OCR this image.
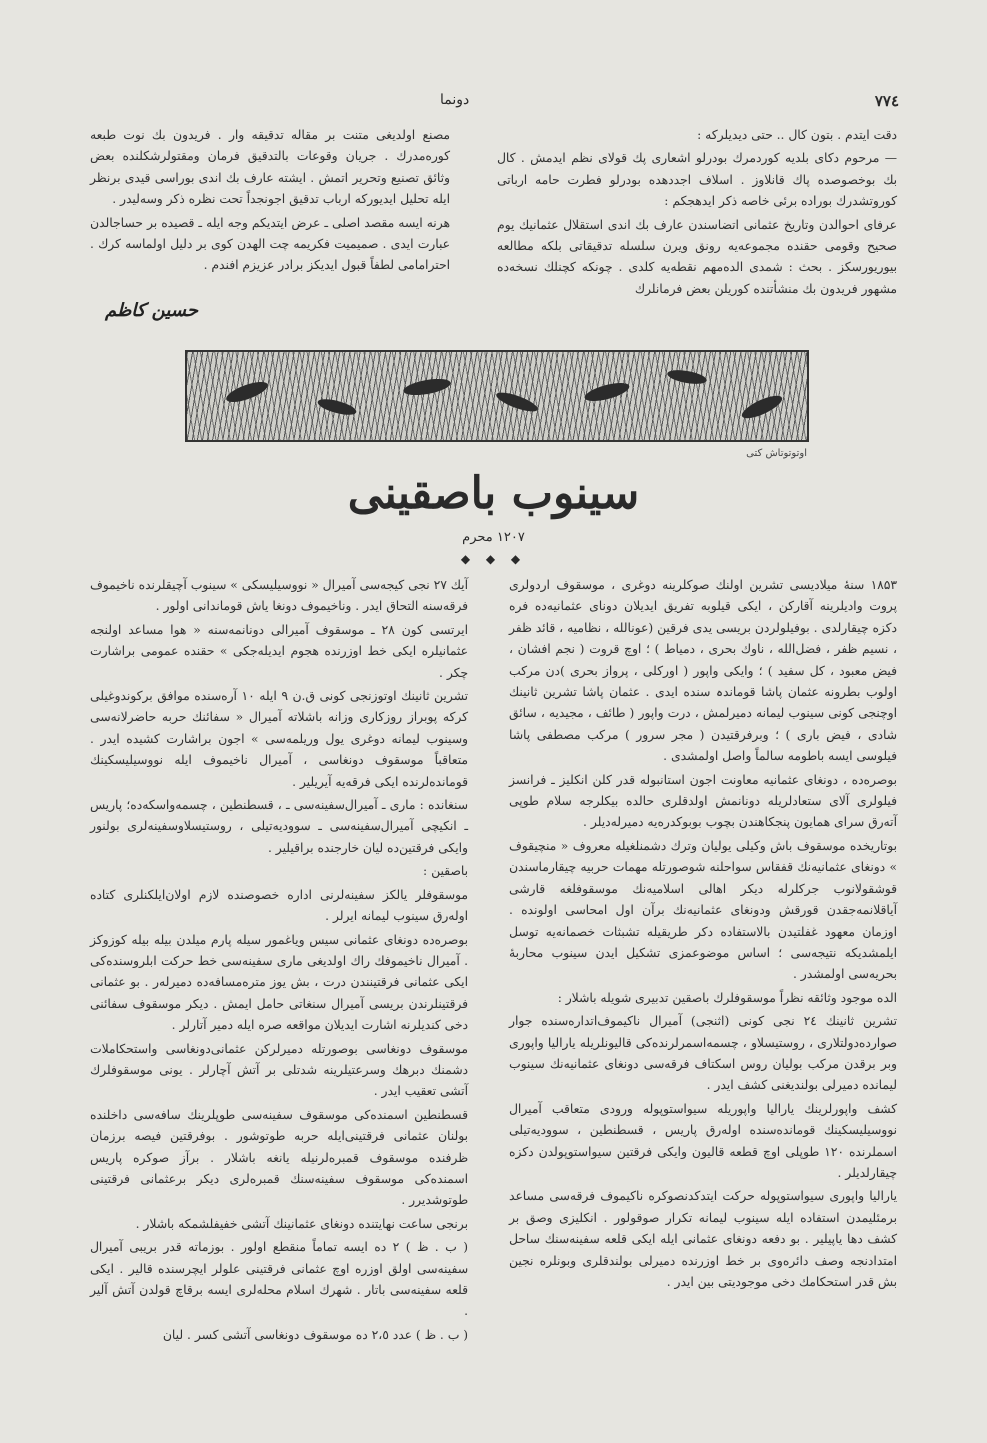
٧٧٤
دونما

دقت ایتدم . بتون کال .. حتی دیدیلرکه :

— مرحوم دکای بلدیه کوردمرك بودرلو اشعاری پك قولای نظم ایدمش . کال بك بوخصوصده پاك قانلاوز . اسلاف اجددهده بودرلو فطرت حامه ارباتی کوروتشدرك بوراده برئی خاصه ذکر ایدهجکم :

عرفای احوالدن وتاریخ عثمانی اتضاسندن عارف بك اندی استقلال عثمانیك یوم صحیح وقومی حقنده مجموعه‌یه رونق ویرن سلسله تدقیقاتی بلکه مطالعه بیوریورسکز . بحث : شمدی الده‌مهم نقطه‌یه کلدی . چونکه کچنلك نسخه‌ده مشهور فریدون بك منشأتنده کوریلن بعض فرمانلرك

مصنع اولدیغی متنت بر مقاله تدقیقه وار . فریدون بك نوت طبعه کوره‌مدرك . جریان وقوعات بالتدقیق فرمان ومقتولرشکلنده بعض وثائق تصنیع وتحریر اتمش . ایشته عارف بك اندی بوراسی قیدی برنظر ایله تحلیل ایدیورکه ارباب تدقیق اجونجداً تحت نظره ذکر وسه‌لیدر .

هرنه ایسه مقصد اصلی ـ عرض ایتدیکم وجه ایله ـ قصیده بر حساجالدن عبارت ایدی . صمیمیت فکریمه چت الهدن کوی بر دلیل اولماسه کرك . احترامامی لطفاً قبول ایدیکز برادر عزیزم افندم .

حسین کاظم
اوتوتوتاش کتی
سینوب باصقینی
۱۲۰۷ محرم
◆ ◆ ◆

۱۸۵۳ سنهٔ میلادیسی تشرین اولنك صوکلرینه دوغری ، موسقوف اردولری پروت وادیلرینه آقارکن ، ایکی قیلوبه تفریق ایدیلان دونای عثمانیه‌ده فره دکزه چیقارلدی . بوفیلولردن بریسی یدی فرقین (عونالله ، نظامیه ، قائد ظفر ، نسیم ظفر ، فضل‌الله ، ناوك بحری ، دمیاط ) ؛ اوچ قروت ( نجم افشان ، فیض معبود ، کل سفید ) ؛ وایکی واپور ( اورکلی ، پرواز بحری )دن مرکب اولوب بطرونه عثمان پاشا قوماندہ سنده ایدی . عثمان پاشا تشرین ثانینك اوچنجی کونی سینوب لیمانه دمیرلمش ، درت واپور ( طائف ، مجیدیه ، سائق شادی ، فیض باری ) ؛ وبرفرقتیدن ( مجر سرور ) مرکب مصطفی پاشا فیلوسی ایسه باطومه سالماً واصل اولمشدی .

بوصره‌ده ، دونغای عثمانیه معاونت اجون استانبوله قدر کلن انکلیز ـ فرانسز فیلولری آلای ستعادلریله دونانمش اولدقلری حالده بیکلرجه سلام طوپی آتەرق سرای همایون پنجکاهندن بچوب بوبوکدره‌یه دمیرلەدیلر .

بوتاریخده موسقوف باش وکیلی یولیان وترك دشمنلغیله معروف « منچیقوف » دونغای عثمانیه‌نك قفقاس سواحلنه شوصورتله مهمات حربیه چیقارماسندن قوشقولانوب جرکلرله دیکر اهالی اسلامیه‌نك موسقوفلغه قارشی آیاقلانمه‌جقدن قورقش ودونغای عثمانیه‌نك برآن اول امحاسی اولونده . اوزمان معهود غفلتیدن بالاستفاده دکر طریقیله تشبثات خصمانه‌یه توسل ایلمشدیکه نتیجه‌سی ؛ اساس موضوعمزی تشکیل ایدن سینوب محاربهٔ بحریه‌سی اولمشدر .

الده موجود وثائقه نظراً موسقوفلرك باصقین تدبیری شویله باشلار :

تشرین ثانینك ۲٤ نجی کونی (اثنجی) آمیرال ناکیموف‌اتداره‌سنده جوار صوارده‌دولتلاری ، روستیسلاو ، چسمەاسمرلرنده‌کی قالیونلریله یارالیا واپوری وبر برقدن مرکب بولیان روس اسکتاف فرقه‌سی دونغای عثمانیه‌نك سینوب لیمانده دمیرلی بولندیغنی کشف ایدر .

کشف واپورلرینك یارالیا واپوریله سیواستوپوله ورودی متعاقب آمیرال نووسیلیسکینك قوماندەسنده اولەرق پاریس ، قسطنطین ، سوودیه‌تیلی اسملرنده ۱۲۰ طوپلی اوچ قطعه قالیون وایکی فرقتین سیواستوپولدن دکزه چیقارلدیلر .

یارالیا واپوری سیواستوپوله حرکت ایتدکدنصوکره ناکیموف فرقه‌سی مساعد برمئلیمدن استفاده ایله سینوب لیمانه تکرار صوقولور . انکلیزی وصق بر کشف دها یاپیلیر . بو دفعه دونغای عثمانی ایله ایکی قلعه سفینه‌سنك ساحل امتدادنجه وصف دائره‌وی بر خط اوزرنده دمیرلی بولندقلری وبونلره نجین بش قدر استحکامك دخی موجودیتی بین ایدر .

آیك ۲۷ نجی کیجه‌سی آمیرال « نووسیلیسکی » سینوب آچیقلرنده ناخیموف فرقه‌سنه التحاق ایدر . وناخیموف دونغا یاش قوماندانی اولور .

ایرتسی کون ۲۸ ـ موسقوف آمیرالی دونانمه‌سنه « هوا مساعد اولنجه عثمانیلره ایکی خط اوزرنده هجوم ایدیله‌جکی » حقنده عمومی براشارت چکر .

تشرین ثانینك اوتوزنجی کونی ق.ن ۹ ایله ۱۰ آره‌سنده موافق برکوندوغیلی کرکه پوبراز روزکاری وزانه باشلاته آمیرال « سفائنك حربه حاضرلانه‌سی وسینوب لیمانه دوغری یول وریلمه‌سی » اجون براشارت کشیده ایدر . متعاقباً موسقوف دونغاسی ، آمیرال ناخیموف ایله نووسیلیسکینك قومانده‌لرنده ایکی فرقه‌یه آیریلیر .

سنغانده : ماری ـ آمیرال‌سفینه‌سی ـ ، قسطنطین ، چسمه‌واسکه‌ده؛ پاریس ـ انکیچی آمیرال‌سفینه‌سی ـ سوودیه‌تیلی ، روستیسلاو‌سفینه‌لری بولنور وایکی فرقتین‌ده لیان خارجنده براقیلیر .

باصقین :

موسقوفلر یالکز سفینه‌لرنی اداره خصوصنده لازم اولان‌ایلکنلری کتاده اولەرق سینوب لیمانه ایرلر .

بوصره‌ده دونغای عثمانی سیس وياغمور سیله پارم میلدن بیله بیله کوزوکز . آمیرال ناخیموفك راك اولدیغی ماری سفینه‌سی خط حرکت ابلروسنده‌کی ایکی عثمانی فرقتینندن درت ، بش یوز متره‌مسافه‌ده دمیرلەر . بو عثمانی فرقتینلرندن بریسی آمیرال سنغاتی حامل ایمش . دیکر موسقوف سفائنی دخی کندیلرنه اشارت ایدیلان مواقعه صره ایله دمیر آتارلر .

موسقوف دونغاسی بوصورتله دمیرلرکن عثمانی‌دونغاسی واستحکاملات دشمنك دبرهك وسرعتیلرینه شدتلی بر آتش آچارلر . یونی موسقوفلرك آتشی تعقیب ایدر .

قسطنطین اسمنده‌کی موسقوف سفینه‌سی طوپلرینك سافه‌سی داخلنده بولنان عثمانی فرقتینی‌ایله حربه طوتوشور . بوفرقتین فیصه برزمان ظرفنده موسقوف قمبره‌لرنیله یانغه باشلار . برآز صوکره پاریس اسمنده‌کی موسقوف سفینه‌سنك قمبره‌لری دیکر برعثمانی فرقتینی طوتوشدیرر .

برنجی ساعت نهایتنده دونغای عثمانینك آتشی خفیفلشمکه باشلار .

( ب . ظ ) ۲ ده ایسه تماماً منقطع اولور . بوزماته قدر بریبی آمیرال سفینه‌سی اولق اوزره اوچ عثمانی فرقتینی علولر ایچرسنده قالیر . ایکی قلعه سفینه‌سی باتار . شهرك اسلام محله‌لری ایسه برقاچ قولدن آتش آلیر .

( ب . ظ ) عدد ۲،٥ ده موسقوف دونغاسی آتشی کسر . لیان
